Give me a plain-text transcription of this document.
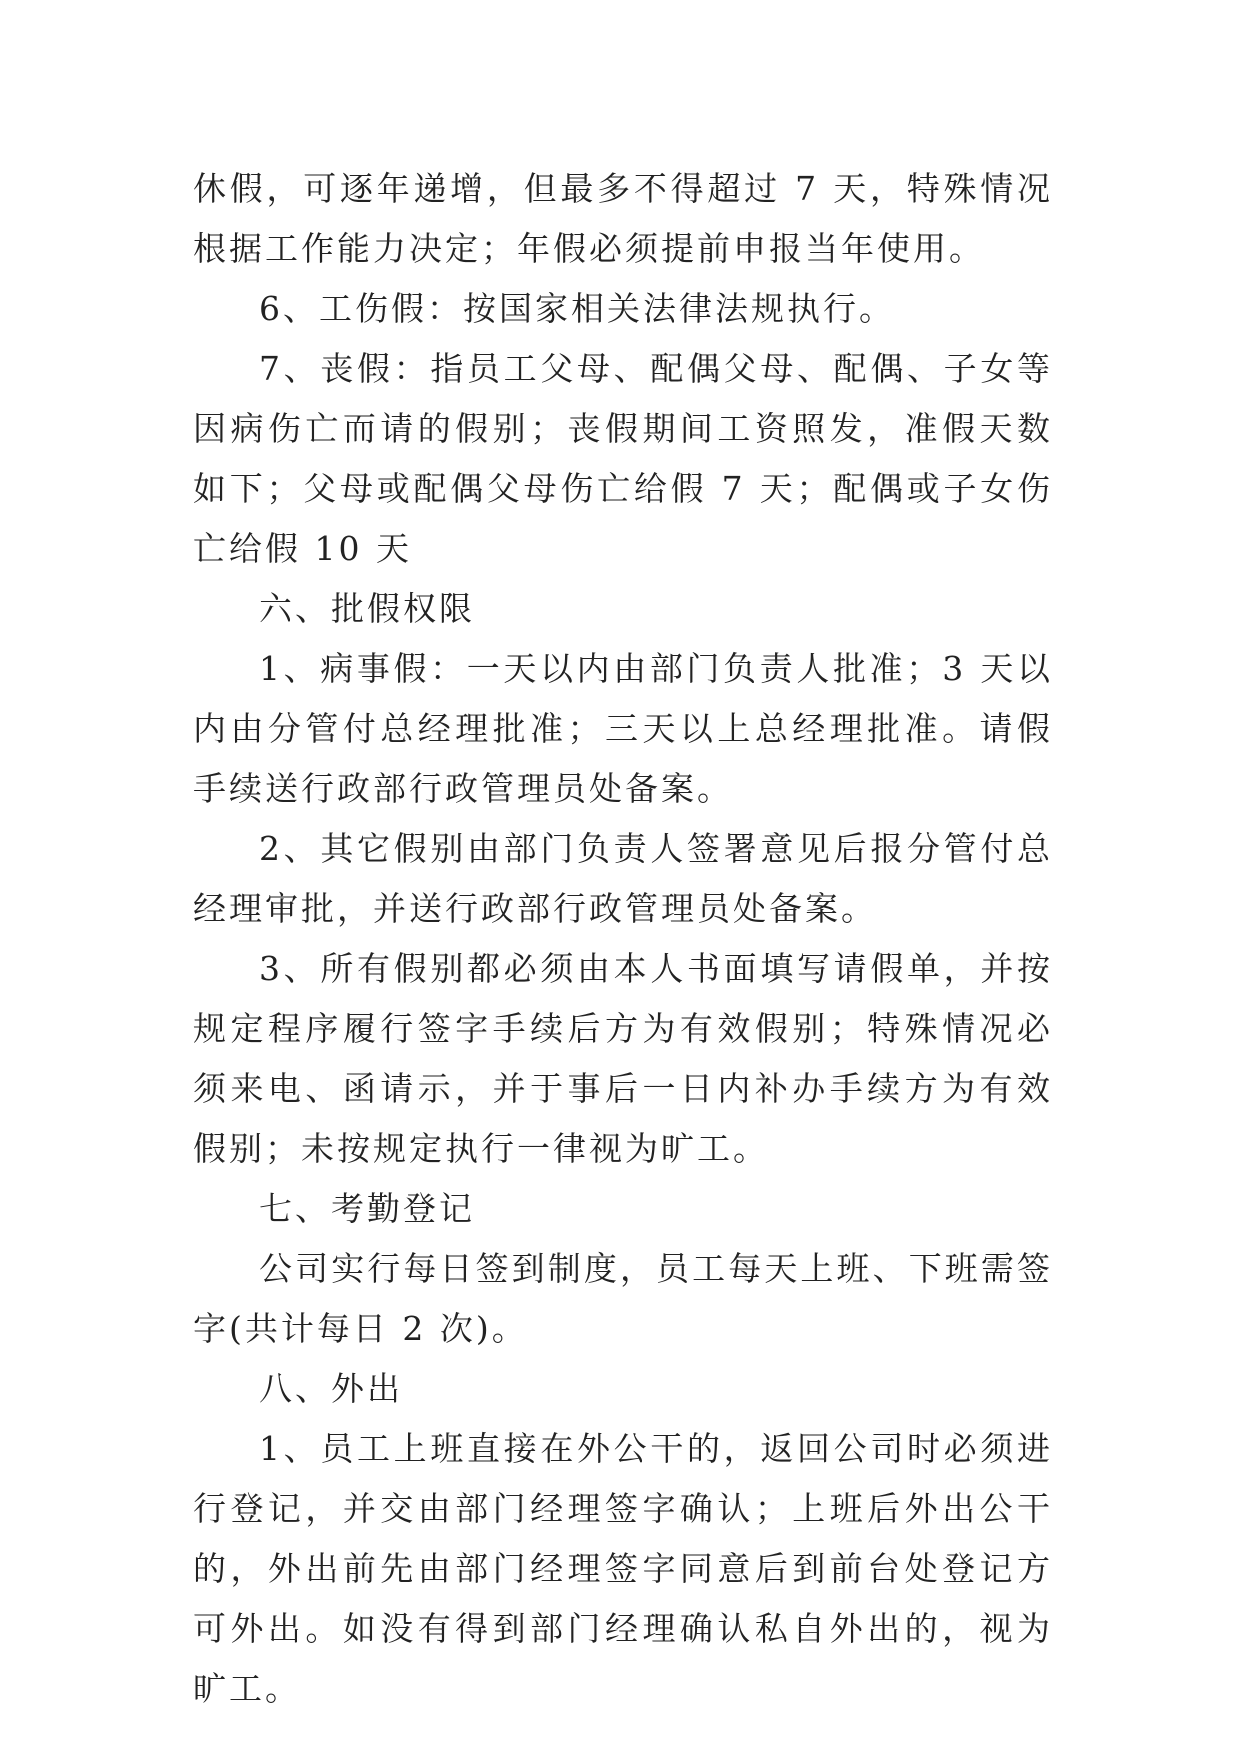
休假，可逐年递增，但最多不得超过 7 天，特殊情况根据工作能力决定；年假必须提前申报当年使用。

6、工伤假：按国家相关法律法规执行。

7、丧假：指员工父母、配偶父母、配偶、子女等因病伤亡而请的假别；丧假期间工资照发，准假天数如下；父母或配偶父母伤亡给假 7 天；配偶或子女伤亡给假 10 天

六、批假权限

1、病事假：一天以内由部门负责人批准；3 天以内由分管付总经理批准；三天以上总经理批准。请假手续送行政部行政管理员处备案。

2、其它假别由部门负责人签署意见后报分管付总经理审批，并送行政部行政管理员处备案。

3、所有假别都必须由本人书面填写请假单，并按规定程序履行签字手续后方为有效假别；特殊情况必须来电、函请示，并于事后一日内补办手续方为有效假别；未按规定执行一律视为旷工。

七、考勤登记

公司实行每日签到制度，员工每天上班、下班需签字(共计每日 2 次)。

八、外出

1、员工上班直接在外公干的，返回公司时必须进行登记，并交由部门经理签字确认；上班后外出公干的，外出前先由部门经理签字同意后到前台处登记方可外出。如没有得到部门经理确认私自外出的，视为旷工。
